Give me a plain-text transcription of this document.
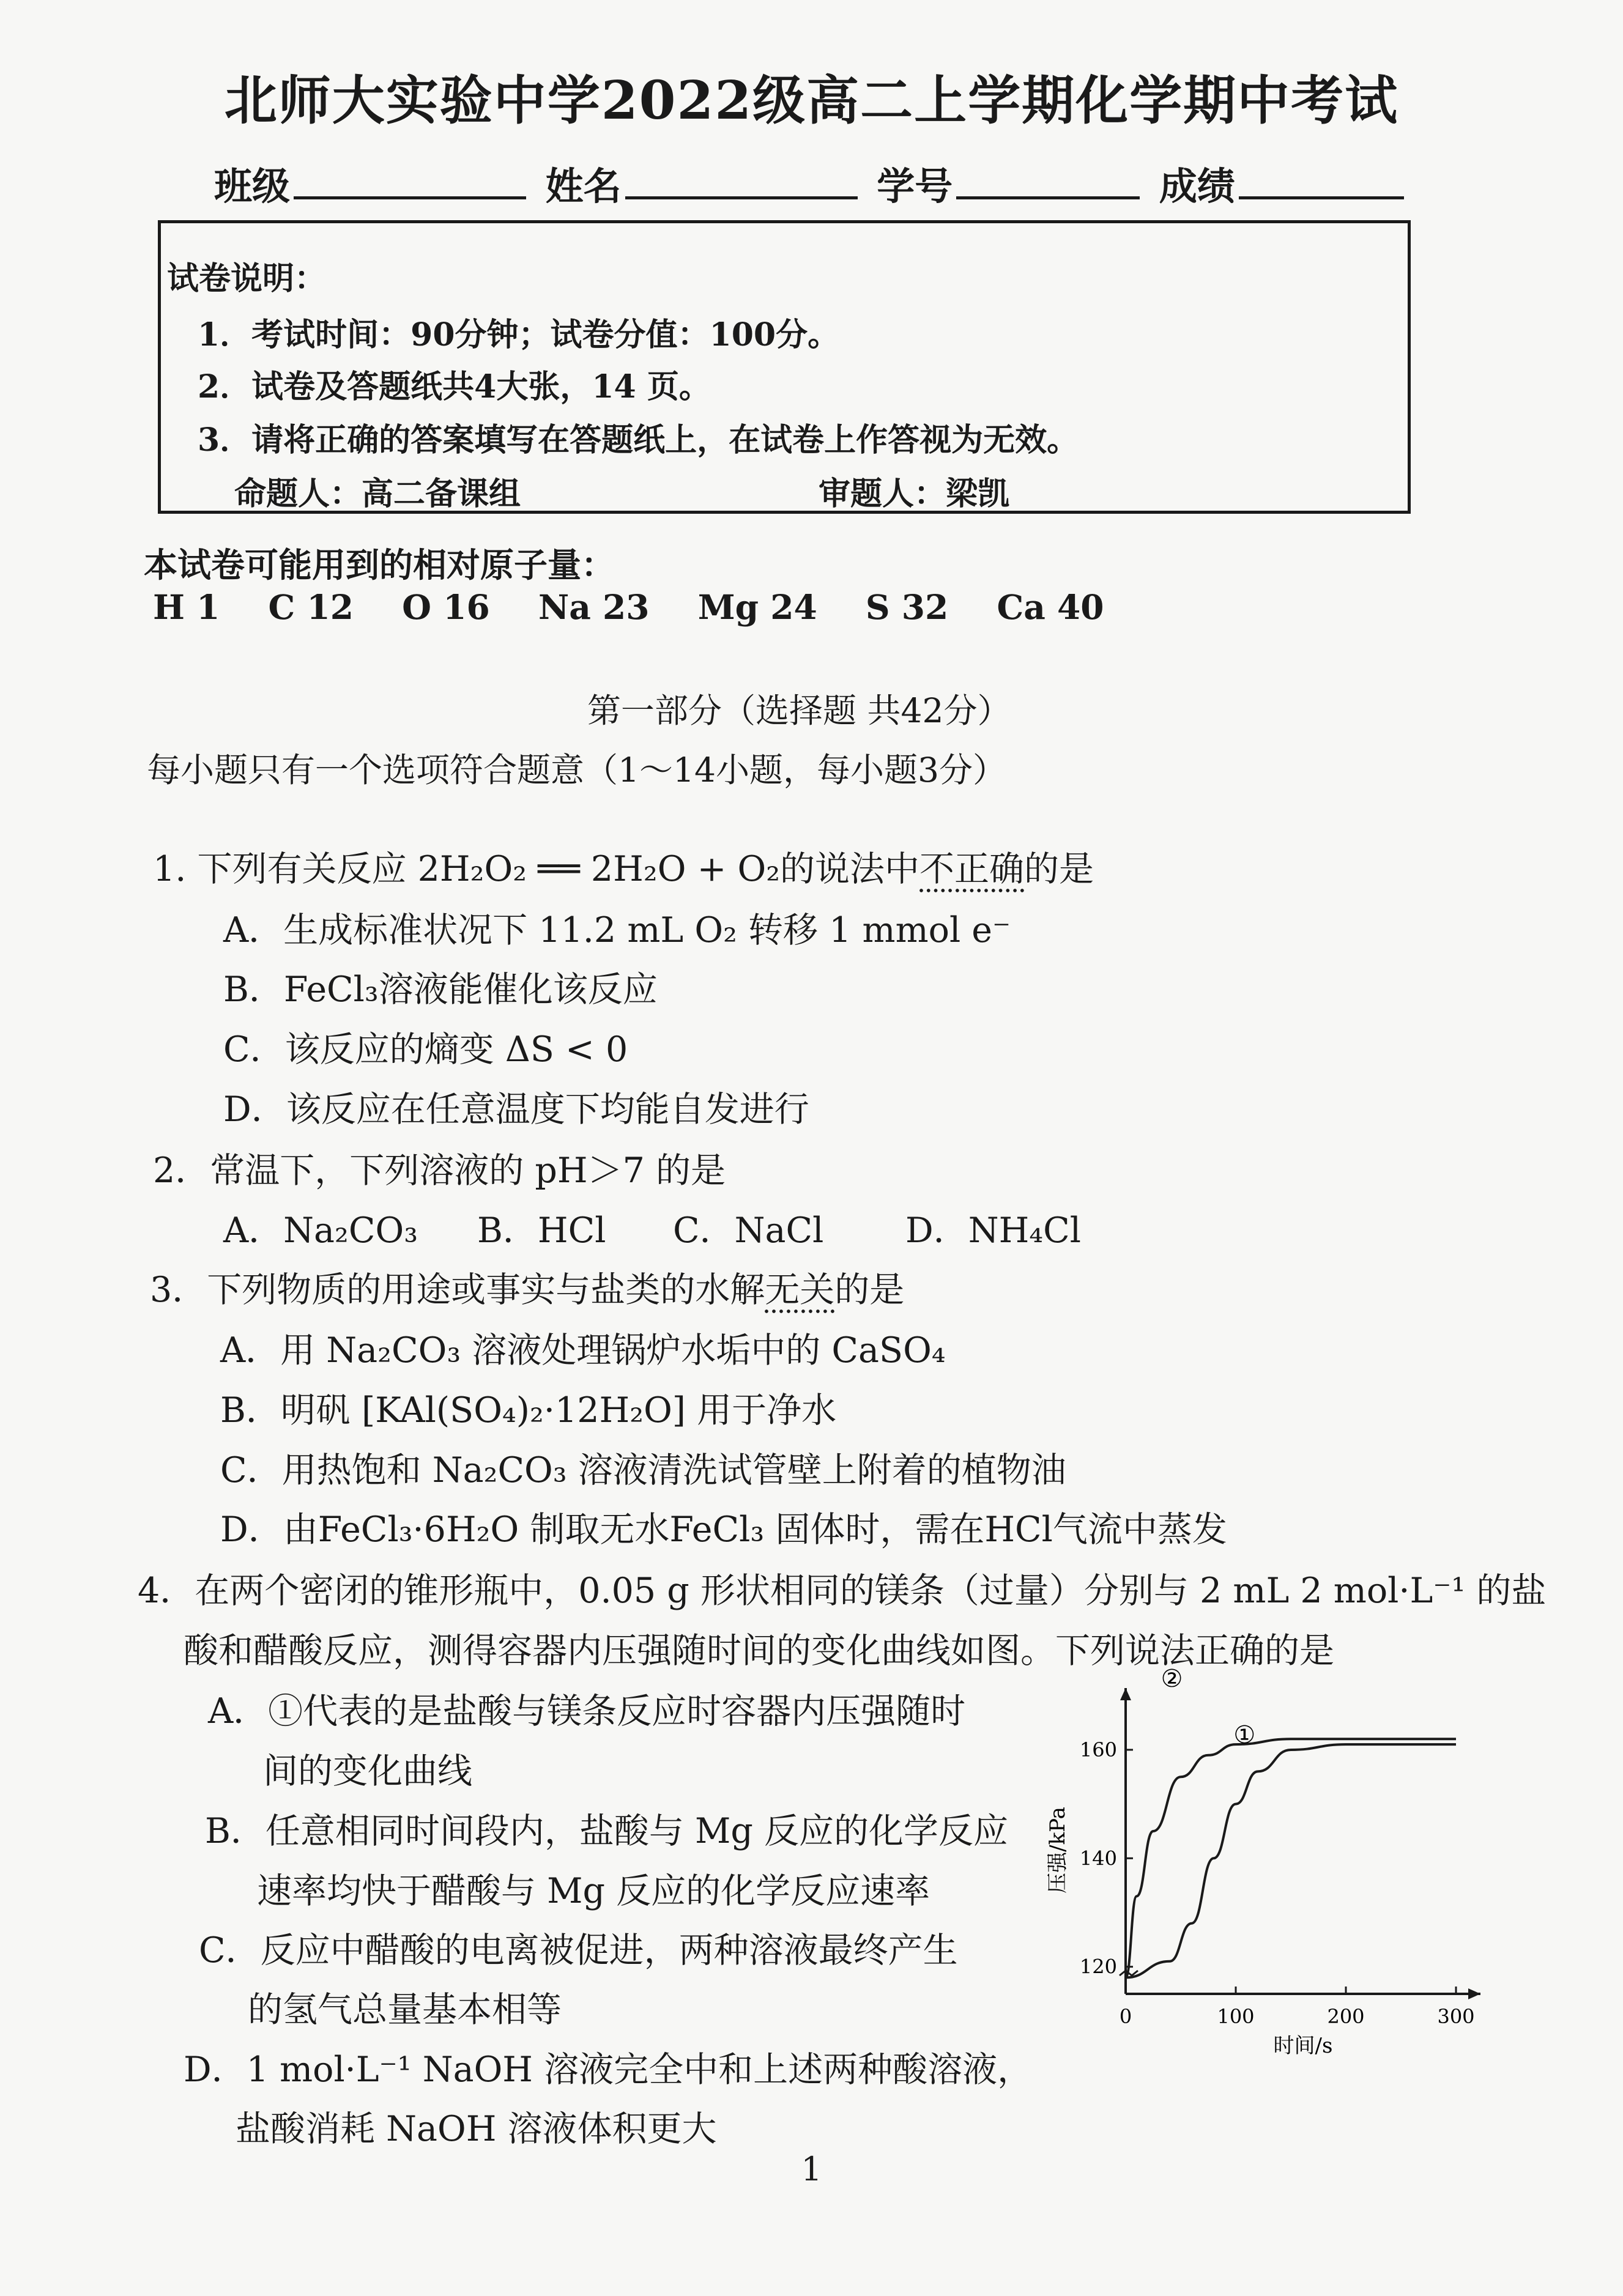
北师大实验中学2022级高二上学期化学期中考试
班级	姓名	学号	成绩
试卷说明：
1．考试时间：90分钟；试卷分值：100分。
2．试卷及答题纸共4大张，14 页。
3．请将正确的答案填写在答题纸上，在试卷上作答视为无效。
命题人：高二备课组	审题人：梁凯
本试卷可能用到的相对原子量：
H 1 C 12 O 16 Na 23 Mg 24 S 32 Ca 40
第一部分（选择题 共42分）
每小题只有一个选项符合题意（1～14小题，每小题3分）
1. 下列有关反应 2H₂O₂ ══ 2H₂O + O₂的说法中不正确的是
A．生成标准状况下 11.2 mL O₂ 转移 1 mmol e⁻
B．FeCl₃溶液能催化该反应
C．该反应的熵变 ΔS < 0
D．该反应在任意温度下均能自发进行
2．常温下，下列溶液的 pH＞7 的是
A．Na₂CO₃ B．HCl C．NaCl D．NH₄Cl
3．下列物质的用途或事实与盐类的水解无关的是
A．用 Na₂CO₃ 溶液处理锅炉水垢中的 CaSO₄
B．明矾 [KAl(SO₄)₂·12H₂O] 用于净水
C．用热饱和 Na₂CO₃ 溶液清洗试管壁上附着的植物油
D．由FeCl₃·6H₂O 制取无水FeCl₃ 固体时，需在HCl气流中蒸发
4．在两个密闭的锥形瓶中，0.05 g 形状相同的镁条（过量）分别与 2 mL 2 mol·L⁻¹ 的盐
酸和醋酸反应，测得容器内压强随时间的变化曲线如图。下列说法正确的是
A．①代表的是盐酸与镁条反应时容器内压强随时
间的变化曲线
B．任意相同时间段内，盐酸与 Mg 反应的化学反应
速率均快于醋酸与 Mg 反应的化学反应速率
C．反应中醋酸的电离被促进，两种溶液最终产生
的氢气总量基本相等
D．1 mol·L⁻¹ NaOH 溶液完全中和上述两种酸溶液，
盐酸消耗 NaOH 溶液体积更大
0	100	200	300
120
140
160
②
①
时间/s
压强/kPa
1
